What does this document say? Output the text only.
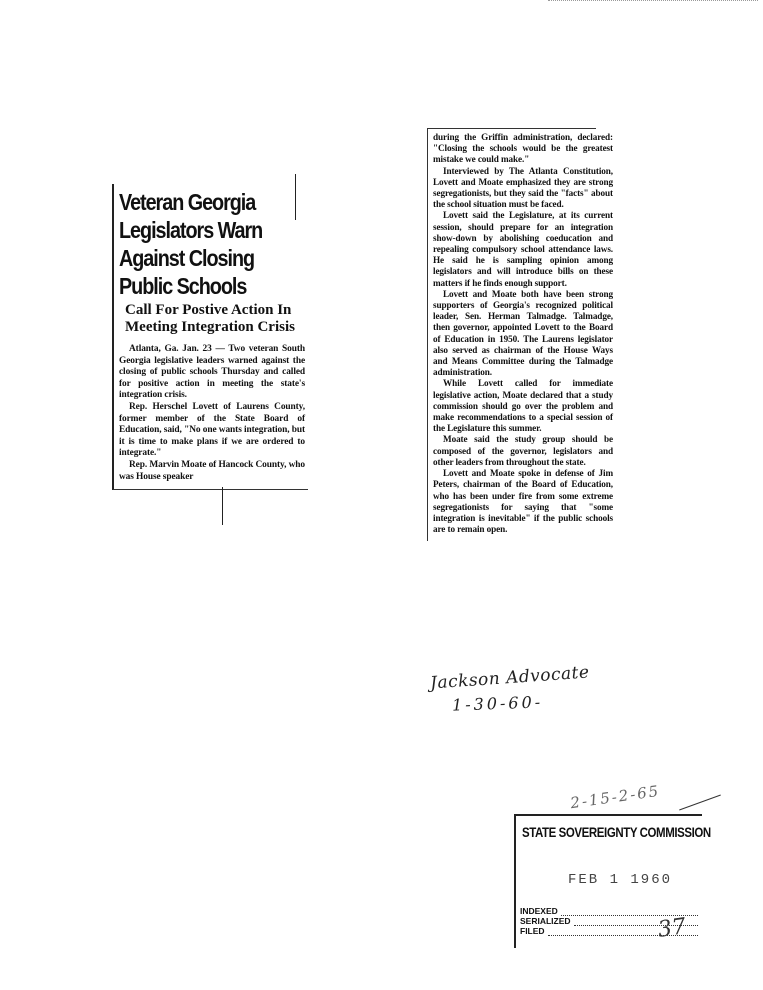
Veteran Georgia Legislators Warn Against Closing Public Schools
Call For Postive Action In Meeting Integration Crisis

Atlanta, Ga. Jan. 23 — Two veteran South Georgia legislative leaders warned against the closing of public schools Thursday and called for positive action in meeting the state's integration crisis.

Rep. Herschel Lovett of Laurens County, former member of the State Board of Education, said, "No one wants integration, but it is time to make plans if we are ordered to integrate."

Rep. Marvin Moate of Hancock County, who was House speaker

during the Griffin administration, declared: "Closing the schools would be the greatest mistake we could make."

Interviewed by The Atlanta Constitution, Lovett and Moate emphasized they are strong segregationists, but they said the "facts" about the school situation must be faced.

Lovett said the Legislature, at its current session, should prepare for an integration show-down by abolishing coeducation and repealing compulsory school attendance laws. He said he is sampling opinion among legislators and will introduce bills on these matters if he finds enough support.

Lovett and Moate both have been strong supporters of Georgia's recognized political leader, Sen. Herman Talmadge. Talmadge, then governor, appointed Lovett to the Board of Education in 1950. The Laurens legislator also served as chairman of the House Ways and Means Committee during the Talmadge administration.

While Lovett called for immediate legislative action, Moate declared that a study commission should go over the problem and make recommendations to a special session of the Legislature this summer.

Moate said the study group should be composed of the governor, legislators and other leaders from throughout the state.

Lovett and Moate spoke in defense of Jim Peters, chairman of the Board of Education, who has been under fire from some extreme segregationists for saying that "some integration is inevitable" if the public schools are to remain open.

Jackson Advocate
1-30-60-
2-15-2-65
STATE SOVEREIGNTY COMMISSION
FEB 1 1960
INDEXED
SERIALIZED
FILED	37
